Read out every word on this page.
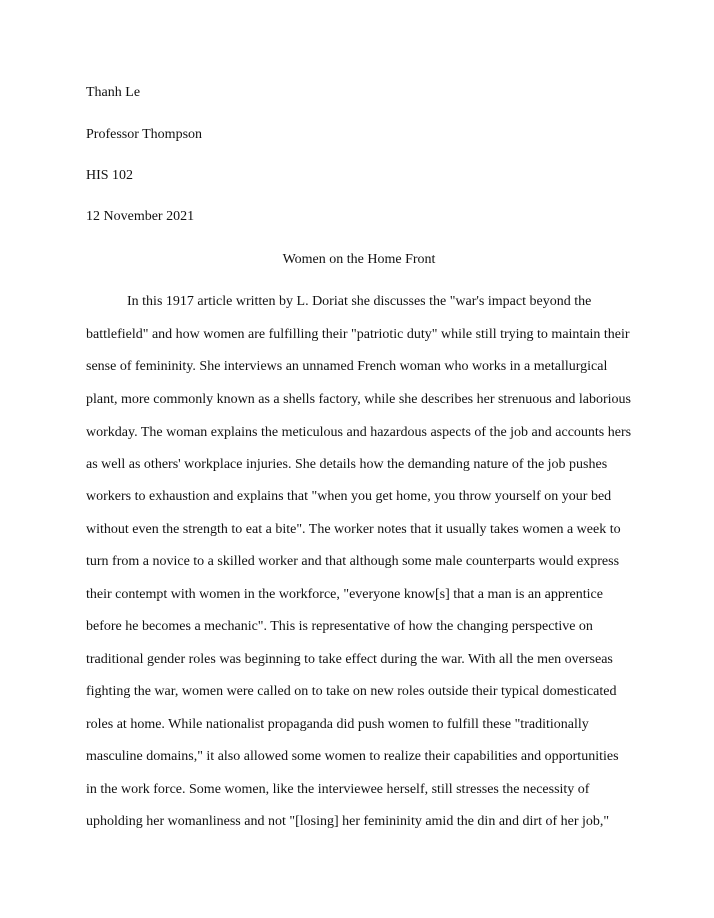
Thanh Le
Professor Thompson
HIS 102
12 November 2021
Women on the Home Front
In this 1917 article written by L. Doriat she discusses the "war's impact beyond the
battlefield" and how women are fulfilling their "patriotic duty" while still trying to maintain their
sense of femininity. She interviews an unnamed French woman who works in a metallurgical
plant, more commonly known as a shells factory, while she describes her strenuous and laborious
workday. The woman explains the meticulous and hazardous aspects of the job and accounts hers
as well as others' workplace injuries. She details how the demanding nature of the job pushes
workers to exhaustion and explains that "when you get home, you throw yourself on your bed
without even the strength to eat a bite". The worker notes that it usually takes women a week to
turn from a novice to a skilled worker and that although some male counterparts would express
their contempt with women in the workforce, "everyone know[s] that a man is an apprentice
before he becomes a mechanic". This is representative of how the changing perspective on
traditional gender roles was beginning to take effect during the war. With all the men overseas
fighting the war, women were called on to take on new roles outside their typical domesticated
roles at home. While nationalist propaganda did push women to fulfill these "traditionally
masculine domains," it also allowed some women to realize their capabilities and opportunities
in the work force. Some women, like the interviewee herself, still stresses the necessity of
upholding her womanliness and not "[losing] her femininity amid the din and dirt of her job,"
